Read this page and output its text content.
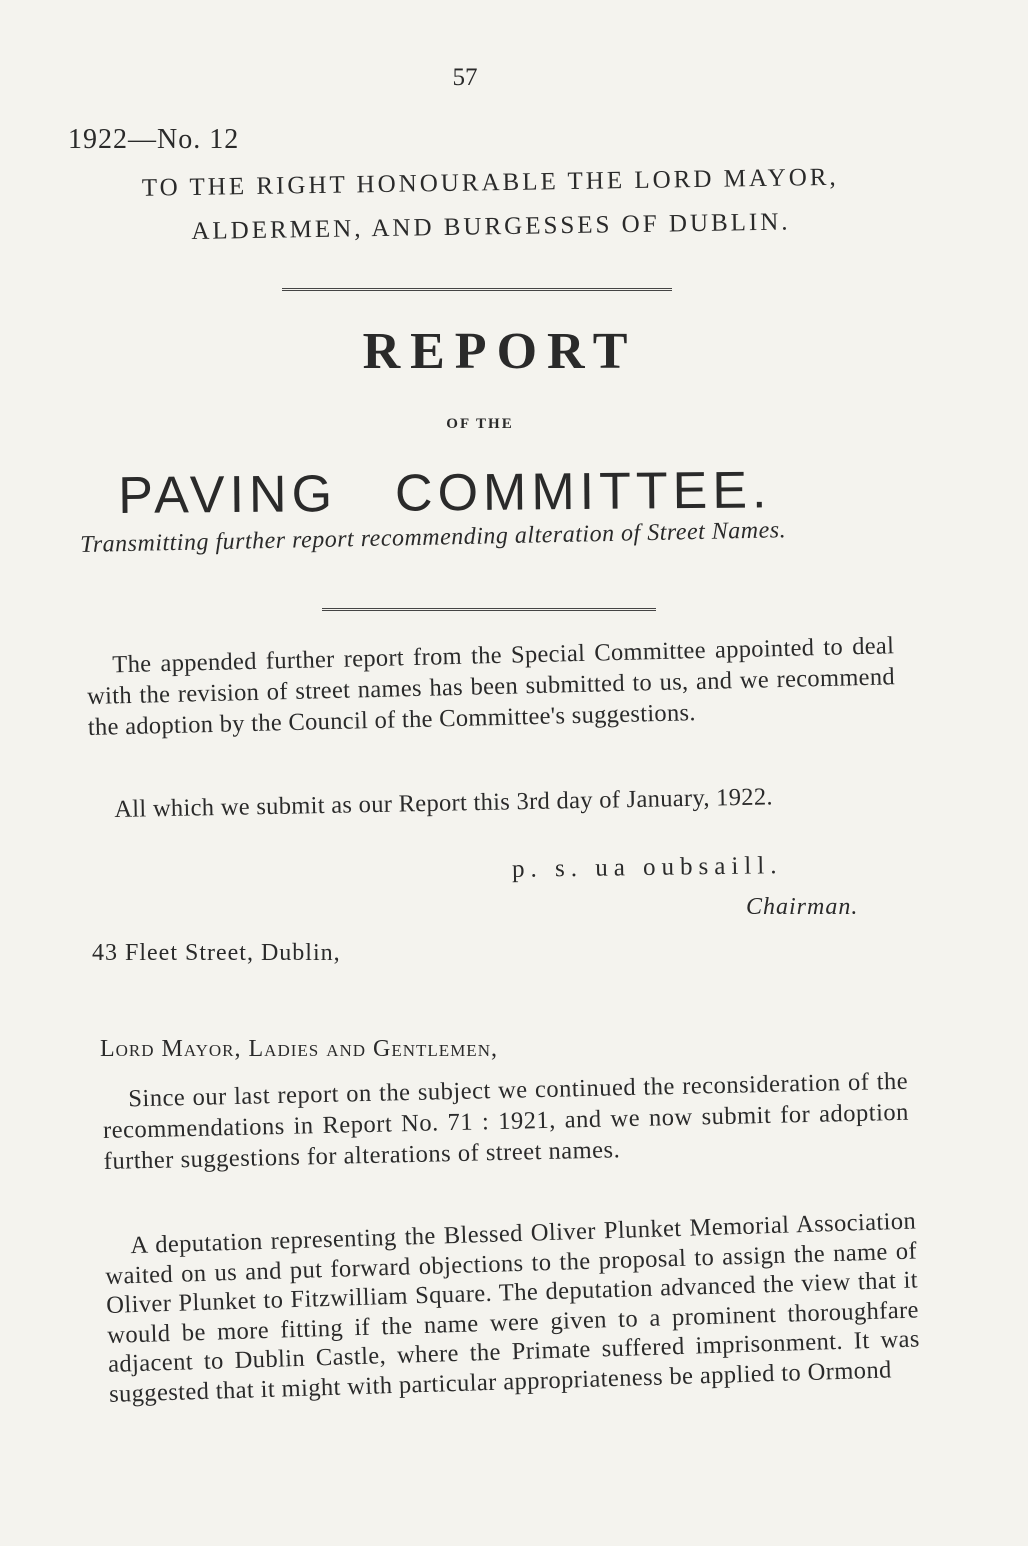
57
1922—No. 12
TO THE RIGHT HONOURABLE THE LORD MAYOR,
ALDERMEN, AND BURGESSES OF DUBLIN.
REPORT
OF THE
PAVING COMMITTEE.
Transmitting further report recommending alteration of Street Names.

The appended further report from the Special Committee appointed to deal with the revision of street names has been submitted to us, and we recommend the adoption by the Council of the Committee's suggestions.

All which we submit as our Report this 3rd day of January, 1922.
p. s. ua oubsaill.
Chairman.
43 Fleet Street, Dublin,
Lord Mayor, Ladies and Gentlemen,

Since our last report on the subject we continued the reconsideration of the recommendations in Report No. 71 : 1921, and we now submit for adoption further suggestions for alterations of street names.

A deputation representing the Blessed Oliver Plunket Memorial Association waited on us and put forward objections to the proposal to assign the name of Oliver Plunket to Fitzwilliam Square. The deputation advanced the view that it would be more fitting if the name were given to a prominent thoroughfare adjacent to Dublin Castle, where the Primate suffered imprisonment. It was suggested that it might with particular appropriateness be applied to Ormond
